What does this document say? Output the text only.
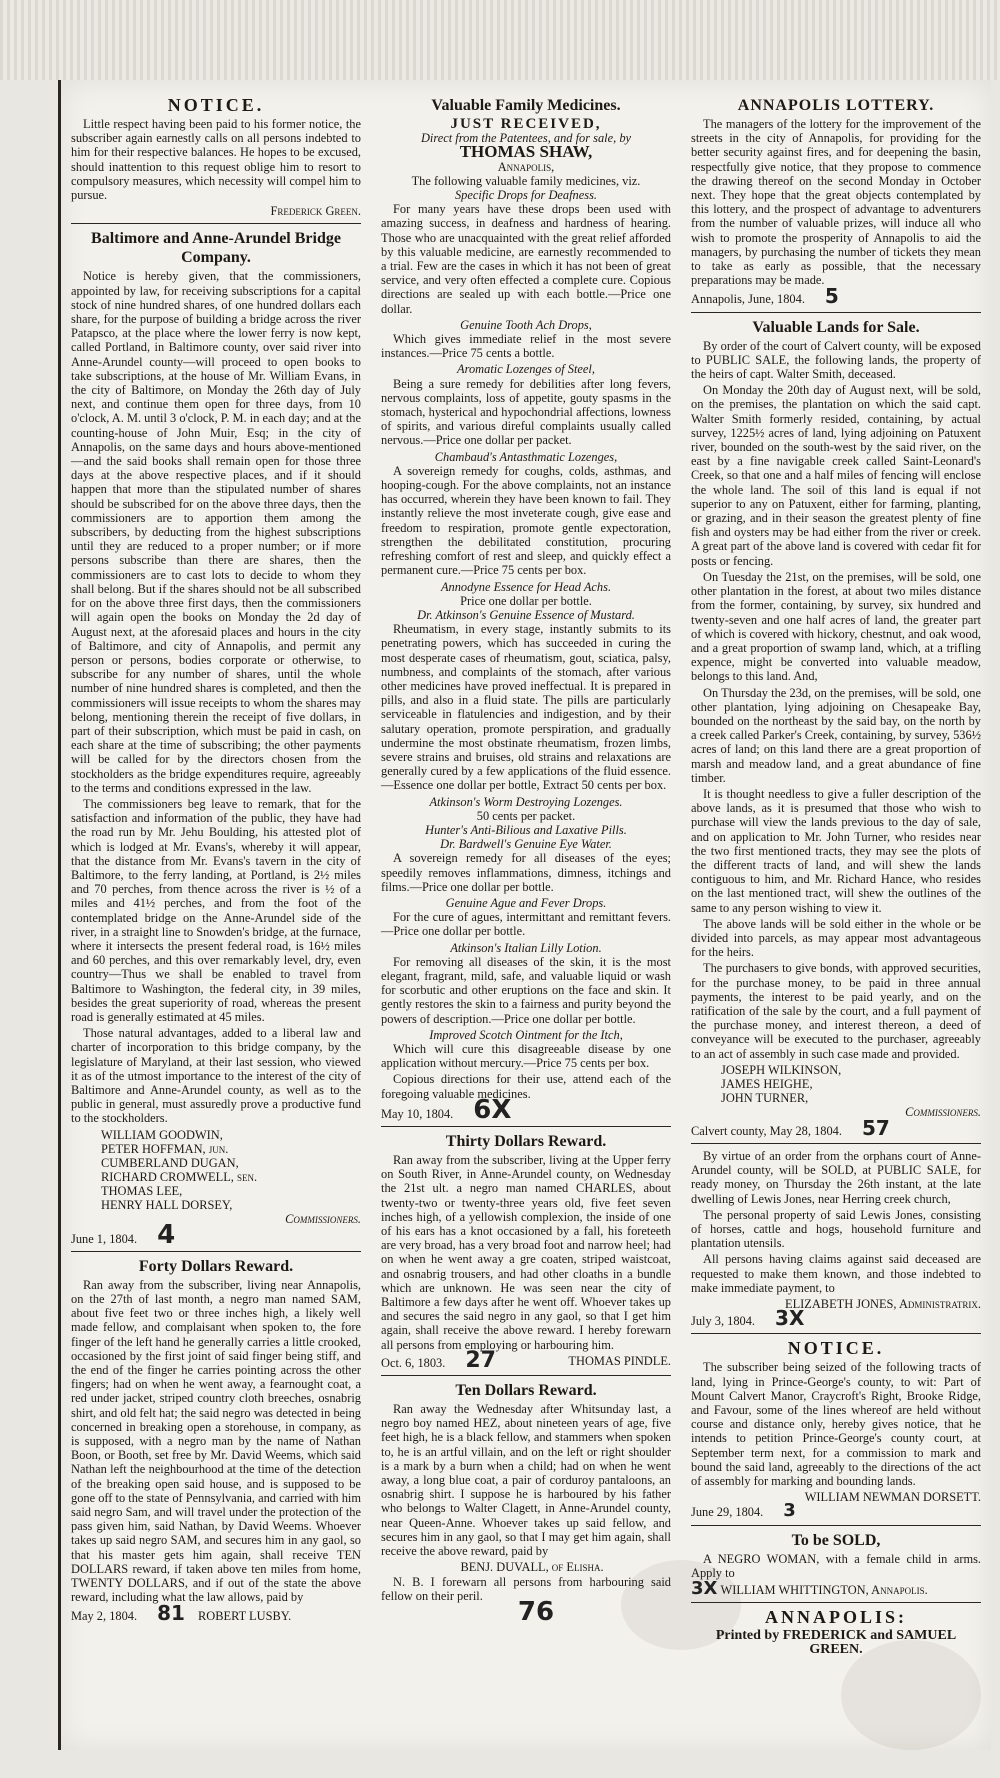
NOTICE.

Little respect having been paid to his former notice, the subscriber again earnestly calls on all persons indebted to him for their respective balances. He hopes to be excused, should inattention to this request oblige him to resort to compulsory measures, which necessity will compel him to pursue.

Frederick Green.

Baltimore and Anne-Arundel Bridge Company.

Notice is hereby given, that the commissioners, appointed by law, for receiving subscriptions for a capital stock of nine hundred shares, of one hundred dollars each share, for the purpose of building a bridge across the river Patapsco, at the place where the lower ferry is now kept, called Portland, in Baltimore county, over said river into Anne-Arundel county—will proceed to open books to take subscriptions, at the house of Mr. William Evans, in the city of Baltimore, on Monday the 26th day of July next, and continue them open for three days, from 10 o'clock, A. M. until 3 o'clock, P. M. in each day; and at the counting-house of John Muir, Esq; in the city of Annapolis, on the same days and hours above-mentioned—and the said books shall remain open for those three days at the above respective places, and if it should happen that more than the stipulated number of shares should be subscribed for on the above three days, then the commissioners are to apportion them among the subscribers, by deducting from the highest subscriptions until they are reduced to a proper number; or if more persons subscribe than there are shares, then the commissioners are to cast lots to decide to whom they shall belong. But if the shares should not be all subscribed for on the above three first days, then the commissioners will again open the books on Monday the 2d day of August next, at the aforesaid places and hours in the city of Baltimore, and city of Annapolis, and permit any person or persons, bodies corporate or otherwise, to subscribe for any number of shares, until the whole number of nine hundred shares is completed, and then the commissioners will issue receipts to whom the shares may belong, mentioning therein the receipt of five dollars, in part of their subscription, which must be paid in cash, on each share at the time of subscribing; the other payments will be called for by the directors chosen from the stockholders as the bridge expenditures require, agreeably to the terms and conditions expressed in the law.

The commissioners beg leave to remark, that for the satisfaction and information of the public, they have had the road run by Mr. Jehu Boulding, his attested plot of which is lodged at Mr. Evans's, whereby it will appear, that the distance from Mr. Evans's tavern in the city of Baltimore, to the ferry landing, at Portland, is 2½ miles and 70 perches, from thence across the river is ½ of a miles and 41½ perches, and from the foot of the contemplated bridge on the Anne-Arundel side of the river, in a straight line to Snowden's bridge, at the furnace, where it intersects the present federal road, is 16½ miles and 60 perches, and this over remarkably level, dry, even country—Thus we shall be enabled to travel from Baltimore to Washington, the federal city, in 39 miles, besides the great superiority of road, whereas the present road is generally estimated at 45 miles.

Those natural advantages, added to a liberal law and charter of incorporation to this bridge company, by the legislature of Maryland, at their last session, who viewed it as of the utmost importance to the interest of the city of Baltimore and Anne-Arundel county, as well as to the public in general, must assuredly prove a productive fund to the stockholders.

WILLIAM GOODWIN,
PETER HOFFMAN, jun.
CUMBERLAND DUGAN,
RICHARD CROMWELL, sen.
THOMAS LEE,
HENRY HALL DORSEY,
Commissioners.

June 1, 1804. 4

Forty Dollars Reward.

Ran away from the subscriber, living near Annapolis, on the 27th of last month, a negro man named SAM, about five feet two or three inches high, a likely well made fellow, and complaisant when spoken to, the fore finger of the left hand he generally carries a little crooked, occasioned by the first joint of said finger being stiff, and the end of the finger he carries pointing across the other fingers; had on when he went away, a fearnought coat, a red under jacket, striped country cloth breeches, osnabrig shirt, and old felt hat; the said negro was detected in being concerned in breaking open a storehouse, in company, as is supposed, with a negro man by the name of Nathan Boon, or Booth, set free by Mr. David Weems, which said Nathan left the neighbourhood at the time of the detection of the breaking open said house, and is supposed to be gone off to the state of Pennsylvania, and carried with him said negro Sam, and will travel under the protection of the pass given him, said Nathan, by David Weems. Whoever takes up said negro SAM, and secures him in any gaol, so that his master gets him again, shall receive TEN DOLLARS reward, if taken above ten miles from home, TWENTY DOLLARS, and if out of the state the above reward, including what the law allows, paid by

May 2, 1804. 81 ROBERT LUSBY.

Valuable Family Medicines.
JUST RECEIVED,
Direct from the Patentees, and for sale, by
THOMAS SHAW,
Annapolis,
The following valuable family medicines, viz.
Specific Drops for Deafness.

For many years have these drops been used with amazing success, in deafness and hardness of hearing. Those who are unacquainted with the great relief afforded by this valuable medicine, are earnestly recommended to a trial. Few are the cases in which it has not been of great service, and very often effected a complete cure. Copious directions are sealed up with each bottle.—Price one dollar.

Genuine Tooth Ach Drops,

Which gives immediate relief in the most severe instances.—Price 75 cents a bottle.

Aromatic Lozenges of Steel,

Being a sure remedy for debilities after long fevers, nervous complaints, loss of appetite, gouty spasms in the stomach, hysterical and hypochondrial affections, lowness of spirits, and various direful complaints usually called nervous.—Price one dollar per packet.

Chambaud's Antasthmatic Lozenges,

A sovereign remedy for coughs, colds, asthmas, and hooping-cough. For the above complaints, not an instance has occurred, wherein they have been known to fail. They instantly relieve the most inveterate cough, give ease and freedom to respiration, promote gentle expectoration, strengthen the debilitated constitution, procuring refreshing comfort of rest and sleep, and quickly effect a permanent cure.—Price 75 cents per box.

Annodyne Essence for Head Achs.
Price one dollar per bottle.
Dr. Atkinson's Genuine Essence of Mustard.

Rheumatism, in every stage, instantly submits to its penetrating powers, which has succeeded in curing the most desperate cases of rheumatism, gout, sciatica, palsy, numbness, and complaints of the stomach, after various other medicines have proved ineffectual. It is prepared in pills, and also in a fluid state. The pills are particularly serviceable in flatulencies and indigestion, and by their salutary operation, promote perspiration, and gradually undermine the most obstinate rheumatism, frozen limbs, severe strains and bruises, old strains and relaxations are generally cured by a few applications of the fluid essence.—Essence one dollar per bottle, Extract 50 cents per box.

Atkinson's Worm Destroying Lozenges.
50 cents per packet.
Hunter's Anti-Bilious and Laxative Pills.
Dr. Bardwell's Genuine Eye Water.

A sovereign remedy for all diseases of the eyes; speedily removes inflammations, dimness, itchings and films.—Price one dollar per bottle.

Genuine Ague and Fever Drops.

For the cure of agues, intermittant and remittant fevers.—Price one dollar per bottle.

Atkinson's Italian Lilly Lotion.

For removing all diseases of the skin, it is the most elegant, fragrant, mild, safe, and valuable liquid or wash for scorbutic and other eruptions on the face and skin. It gently restores the skin to a fairness and purity beyond the powers of description.—Price one dollar per bottle.

Improved Scotch Ointment for the Itch,

Which will cure this disagreeable disease by one application without mercury.—Price 75 cents per box.

Copious directions for their use, attend each of the foregoing valuable medicines.

May 10, 1804. 6X

Thirty Dollars Reward.

Ran away from the subscriber, living at the Upper ferry on South River, in Anne-Arundel county, on Wednesday the 21st ult. a negro man named CHARLES, about twenty-two or twenty-three years old, five feet seven inches high, of a yellowish complexion, the inside of one of his ears has a knot occasioned by a fall, his foreteeth are very broad, has a very broad foot and narrow heel; had on when he went away a gre coaten, striped waistcoat, and osnabrig trousers, and had other cloaths in a bundle which are unknown. He was seen near the city of Baltimore a few days after he went off. Whoever takes up and secures the said negro in any gaol, so that I get him again, shall receive the above reward. I hereby forewarn all persons from employing or harbouring him.

Oct. 6, 1803. 27	THOMAS PINDLE.

Ten Dollars Reward.

Ran away the Wednesday after Whitsunday last, a negro boy named HEZ, about nineteen years of age, five feet high, he is a black fellow, and stammers when spoken to, he is an artful villain, and on the left or right shoulder is a mark by a burn when a child; had on when he went away, a long blue coat, a pair of corduroy pantaloons, an osnabrig shirt. I suppose he is harboured by his father who belongs to Walter Clagett, in Anne-Arundel county, near Queen-Anne. Whoever takes up said fellow, and secures him in any gaol, so that I may get him again, shall receive the above reward, paid by

BENJ. DUVALL, of Elisha.

N. B. I forewarn all persons from harbouring said fellow on their peril.

76
ANNAPOLIS LOTTERY.

The managers of the lottery for the improvement of the streets in the city of Annapolis, for providing for the better security against fires, and for deepening the basin, respectfully give notice, that they propose to commence the drawing thereof on the second Monday in October next. They hope that the great objects contemplated by this lottery, and the prospect of advantage to adventurers from the number of valuable prizes, will induce all who wish to promote the prosperity of Annapolis to aid the managers, by purchasing the number of tickets they mean to take as early as possible, that the necessary preparations may be made.

Annapolis, June, 1804. 5

Valuable Lands for Sale.

By order of the court of Calvert county, will be exposed to PUBLIC SALE, the following lands, the property of the heirs of capt. Walter Smith, deceased.

On Monday the 20th day of August next, will be sold, on the premises, the plantation on which the said capt. Walter Smith formerly resided, containing, by actual survey, 1225½ acres of land, lying adjoining on Patuxent river, bounded on the south-west by the said river, on the east by a fine navigable creek called Saint-Leonard's Creek, so that one and a half miles of fencing will enclose the whole land. The soil of this land is equal if not superior to any on Patuxent, either for farming, planting, or grazing, and in their season the greatest plenty of fine fish and oysters may be had either from the river or creek. A great part of the above land is covered with cedar fit for posts or fencing.

On Tuesday the 21st, on the premises, will be sold, one other plantation in the forest, at about two miles distance from the former, containing, by survey, six hundred and twenty-seven and one half acres of land, the greater part of which is covered with hickory, chestnut, and oak wood, and a great proportion of swamp land, which, at a trifling expence, might be converted into valuable meadow, belongs to this land. And,

On Thursday the 23d, on the premises, will be sold, one other plantation, lying adjoining on Chesapeake Bay, bounded on the northeast by the said bay, on the north by a creek called Parker's Creek, containing, by survey, 536½ acres of land; on this land there are a great proportion of marsh and meadow land, and a great abundance of fine timber.

It is thought needless to give a fuller description of the above lands, as it is presumed that those who wish to purchase will view the lands previous to the day of sale, and on application to Mr. John Turner, who resides near the two first mentioned tracts, they may see the plots of the different tracts of land, and will shew the lands contiguous to him, and Mr. Richard Hance, who resides on the last mentioned tract, will shew the outlines of the same to any person wishing to view it.

The above lands will be sold either in the whole or be divided into parcels, as may appear most advantageous for the heirs.

The purchasers to give bonds, with approved securities, for the purchase money, to be paid in three annual payments, the interest to be paid yearly, and on the ratification of the sale by the court, and a full payment of the purchase money, and interest thereon, a deed of conveyance will be executed to the purchaser, agreeably to an act of assembly in such case made and provided.

JOSEPH WILKINSON,
JAMES HEIGHE,
JOHN TURNER,
Commissioners.

Calvert county, May 28, 1804. 57

By virtue of an order from the orphans court of Anne-Arundel county, will be SOLD, at PUBLIC SALE, for ready money, on Thursday the 26th instant, at the late dwelling of Lewis Jones, near Herring creek church,

The personal property of said Lewis Jones, consisting of horses, cattle and hogs, household furniture and plantation utensils.

All persons having claims against said deceased are requested to make them known, and those indebted to make immediate payment, to

ELIZABETH JONES, Administratrix.

July 3, 1804. 3X

NOTICE.

The subscriber being seized of the following tracts of land, lying in Prince-George's county, to wit: Part of Mount Calvert Manor, Craycroft's Right, Brooke Ridge, and Favour, some of the lines whereof are held without course and distance only, hereby gives notice, that he intends to petition Prince-George's county court, at September term next, for a commission to mark and bound the said land, agreeably to the directions of the act of assembly for marking and bounding lands.

WILLIAM NEWMAN DORSETT.

June 29, 1804. 3

To be SOLD,

A NEGRO WOMAN, with a female child in arms. Apply to

3X WILLIAM WHITTINGTON, Annapolis.

ANNAPOLIS:
Printed by FREDERICK and SAMUEL GREEN.
